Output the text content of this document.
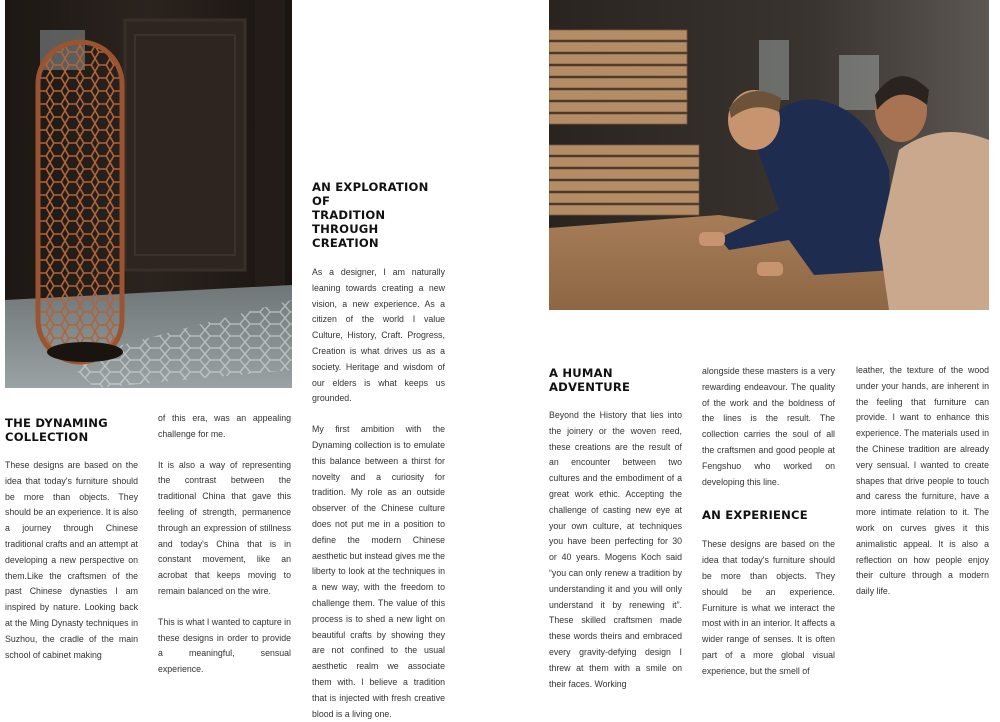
THE DYNAMING
COLLECTION

These designs are based on the idea that today's furniture should be more than objects. They should be an experience. It is also a journey through Chinese traditional crafts and an attempt at developing a new perspective on them.Like the craftsmen of the past Chinese dynasties I am inspired by nature. Looking back at the Ming Dynasty techniques in Suzhou, the cradle of the main school of cabinet making

of this era, was an appealing challenge for me.

It is also a way of representing the contrast between the traditional China that gave this feeling of strength, permanence through an expression of stillness and today's China that is in constant movement, like an acrobat that keeps moving to remain balanced on the wire.

This is what I wanted to capture in these designs in order to provide a meaningful, sensual experience.

AN EXPLORATION OF
TRADITION THROUGH
CREATION

As a designer, I am naturally leaning towards creating a new vision, a new experience. As a citizen of the world I value Culture, History, Craft. Progress, Creation is what drives us as a society. Heritage and wisdom of our elders is what keeps us grounded.

My first ambition with the Dynaming collection is to emulate this balance between a thirst for novelty and a curiosity for tradition. My role as an outside observer of the Chinese culture does not put me in a position to define the modern Chinese aesthetic but instead gives me the liberty to look at the techniques in a new way, with the freedom to challenge them. The value of this process is to shed a new light on beautiful crafts by showing they are not confined to the usual aesthetic realm we associate them with. I believe a tradition that is injected with fresh creative blood is a living one.

A HUMAN ADVENTURE

Beyond the History that lies into the joinery or the woven reed, these creations are the result of an encounter between two cultures and the embodiment of a great work ethic. Accepting the challenge of casting new eye at your own culture, at techniques you have been perfecting for 30 or 40 years. Mogens Koch said “you can only renew a tradition by understanding it and you will only understand it by renewing it”. These skilled craftsmen made these words theirs and embraced every gravity-defying design I threw at them with a smile on their faces. Working

alongside these masters is a very rewarding endeavour. The quality of the work and the boldness of the lines is the result. The collection carries the soul of all the craftsmen and good people at Fengshuo who worked on developing this line.

AN EXPERIENCE

These designs are based on the idea that today's furniture should be more than objects. They should be an experience. Furniture is what we interact the most with in an interior. It affects a wider range of senses. It is often part of a more global visual experience, but the smell of

leather, the texture of the wood under your hands, are inherent in the feeling that furniture can provide. I want to enhance this experience. The materials used in the Chinese tradition are already very sensual. I wanted to create shapes that drive people to touch and caress the furniture, have a more intimate relation to it. The work on curves gives it this animalistic appeal. It is also a reflection on how people enjoy their culture through a modern daily life.
